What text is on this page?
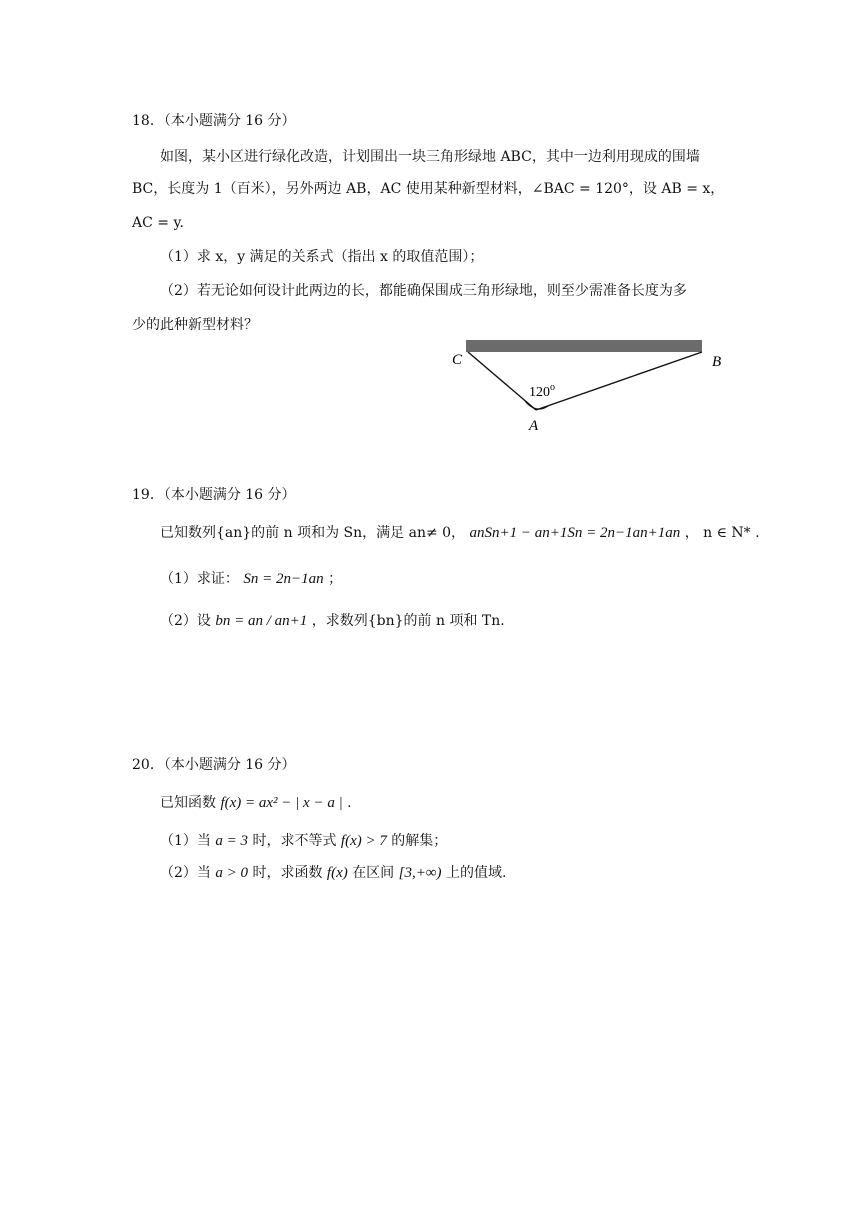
18．（本小题满分 16 分）
如图，某小区进行绿化改造，计划围出一块三角形绿地 ABC，其中一边利用现成的围墙
BC，长度为 1（百米），另外两边 AB，AC 使用某种新型材料，∠BAC = 120°，设 AB = x，
AC = y.
（1）求 x，y 满足的关系式（指出 x 的取值范围）；
（2）若无论如何设计此两边的长，都能确保围成三角形绿地，则至少需准备长度为多
少的此种新型材料？
C	B
A
120$^o$
19．（本小题满分 16 分）
已知数列{an}的前 n 项和为 Sn，满足 an≠ 0， anSn+1 − an+1Sn = 2n−1an+1an ， n ∈ N* .
（1）求证： Sn = 2n−1an ；
（2）设 bn = an / an+1 ，求数列{bn}的前 n 项和 Tn.
20．（本小题满分 16 分）
已知函数 f(x) = ax² − | x − a | .
（1）当 a = 3 时，求不等式 f(x) > 7 的解集；
（2）当 a > 0 时，求函数 f(x) 在区间 [3,+∞) 上的值域.
